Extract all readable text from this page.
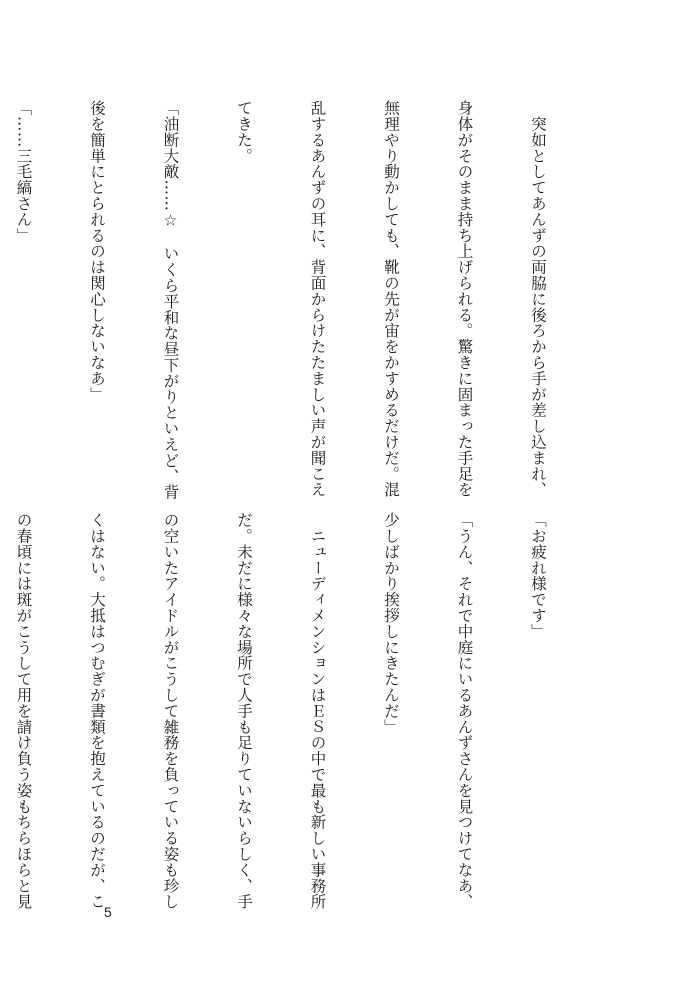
　突如としてあんずの両脇に後ろから手が差し込まれ、

身体がそのまま持ち上げられる。驚きに固まった手足を

無理やり動かしても、靴の先が宙をかすめるだけだ。混

乱するあんずの耳に、背面からけたたましい声が聞こえ

てきた。

「油断大敵……☆　いくら平和な昼下がりといえど、背

後を簡単にとられるのは関心しないなあ」

「……三毛縞さん」

「お疲れ様です」

「うん、それで中庭にいるあんずさんを見つけてなあ、

少しばかり挨拶しにきたんだ」

　ニューディメンションはＥＳの中で最も新しい事務所

だ。未だに様々な場所で人手も足りていないらしく、手

の空いたアイドルがこうして雑務を負っている姿も珍し

くはない。大抵はつむぎが書類を抱えているのだが、こ

の春頃には斑がこうして用を請け負う姿もちらほらと見

5
